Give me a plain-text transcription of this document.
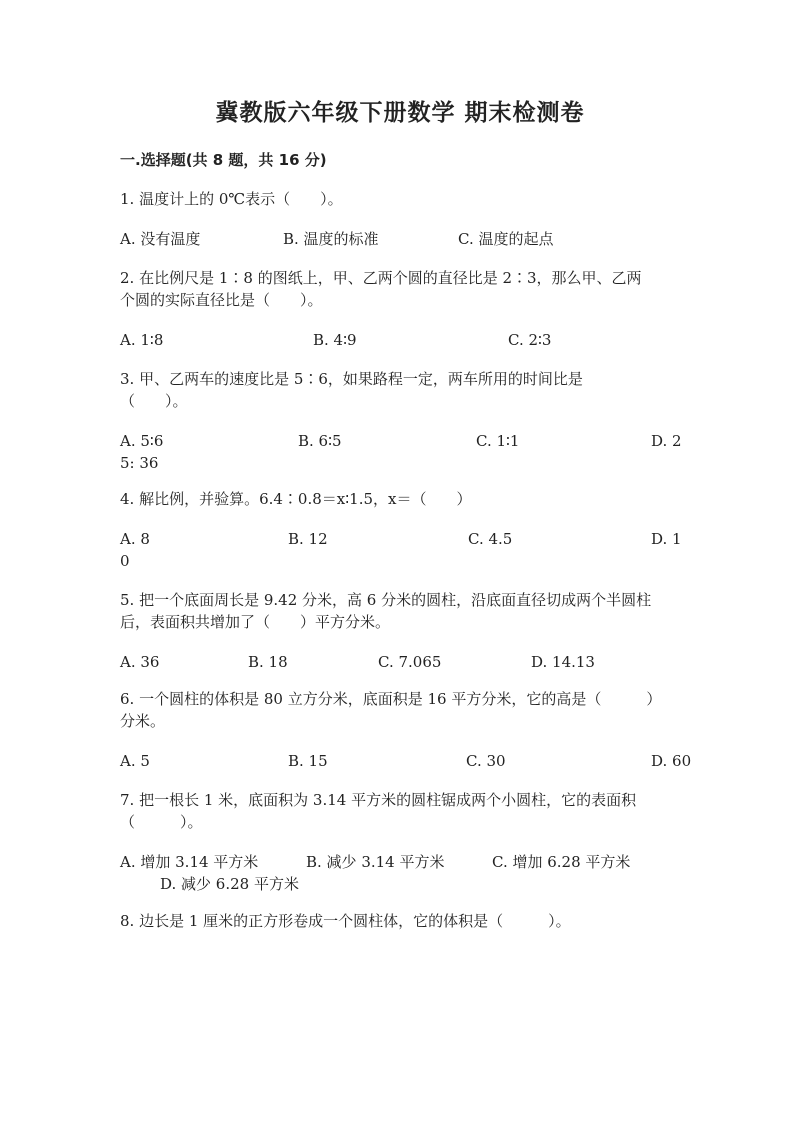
冀教版六年级下册数学 期末检测卷
一.选择题(共 8 题，共 16 分)
1. 温度计上的 0℃表示（　　）。
A. 没有温度	B. 温度的标准	C. 温度的起点
2. 在比例尺是 1∶8 的图纸上，甲、乙两个圆的直径比是 2∶3，那么甲、乙两
个圆的实际直径比是（　　）。
A. 1∶8	B. 4∶9	C. 2∶3
3. 甲、乙两车的速度比是 5∶6，如果路程一定，两车所用的时间比是
（　　）。
A. 5∶6	B. 6∶5	C. 1∶1	D. 2
5: 36
4. 解比例，并验算。6.4∶0.8＝x∶1.5，x＝（　　）
A. 8	B. 12	C. 4.5	D. 1
0
5. 把一个底面周长是 9.42 分米，高 6 分米的圆柱，沿底面直径切成两个半圆柱
后，表面积共增加了（　　）平方分米。
A. 36	B. 18	C. 7.065	D. 14.13
6. 一个圆柱的体积是 80 立方分米，底面积是 16 平方分米，它的高是（　　　）
分米。
A. 5	B. 15	C. 30	D. 60
7. 把一根长 1 米，底面积为 3.14 平方米的圆柱锯成两个小圆柱，它的表面积
（　　　）。
A. 增加 3.14 平方米	B. 减少 3.14 平方米	C. 增加 6.28 平方米
D. 减少 6.28 平方米
8. 边长是 1 厘米的正方形卷成一个圆柱体，它的体积是（　　　）。
